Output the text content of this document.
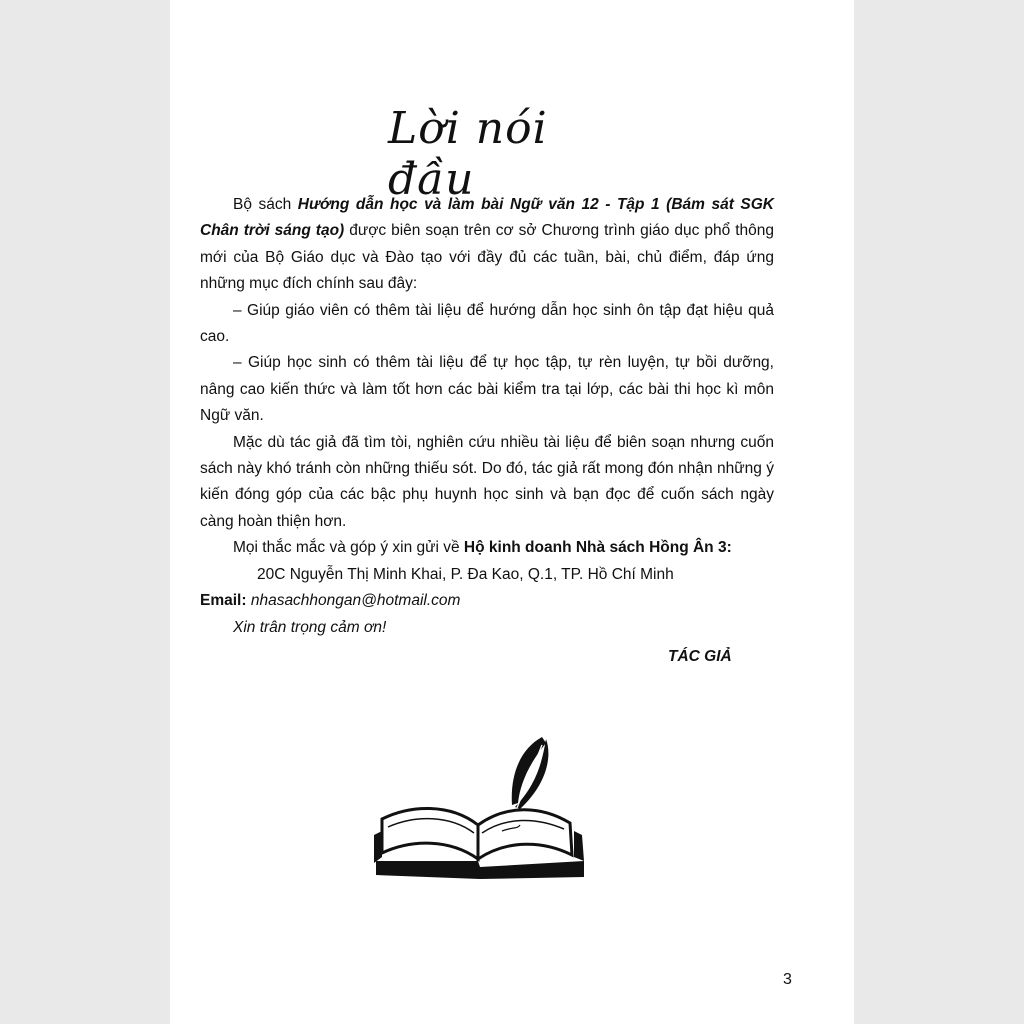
Lời nói đầu

Bộ sách Hướng dẫn học và làm bài Ngữ văn 12 - Tập 1 (Bám sát SGK Chân trời sáng tạo) được biên soạn trên cơ sở Chương trình giáo dục phổ thông mới của Bộ Giáo dục và Đào tạo với đầy đủ các tuần, bài, chủ điểm, đáp ứng những mục đích chính sau đây:

– Giúp giáo viên có thêm tài liệu để hướng dẫn học sinh ôn tập đạt hiệu quả cao.

– Giúp học sinh có thêm tài liệu để tự học tập, tự rèn luyện, tự bồi dưỡng, nâng cao kiến thức và làm tốt hơn các bài kiểm tra tại lớp, các bài thi học kì môn Ngữ văn.

Mặc dù tác giả đã tìm tòi, nghiên cứu nhiều tài liệu để biên soạn nhưng cuốn sách này khó tránh còn những thiếu sót. Do đó, tác giả rất mong đón nhận những ý kiến đóng góp của các bậc phụ huynh học sinh và bạn đọc để cuốn sách ngày càng hoàn thiện hơn.

Mọi thắc mắc và góp ý xin gửi về Hộ kinh doanh Nhà sách Hồng Ân 3:

20C Nguyễn Thị Minh Khai, P. Đa Kao, Q.1, TP. Hồ Chí Minh

Email: nhasachhongan@hotmail.com

Xin trân trọng cảm ơn!

TÁC GIẢ
3
